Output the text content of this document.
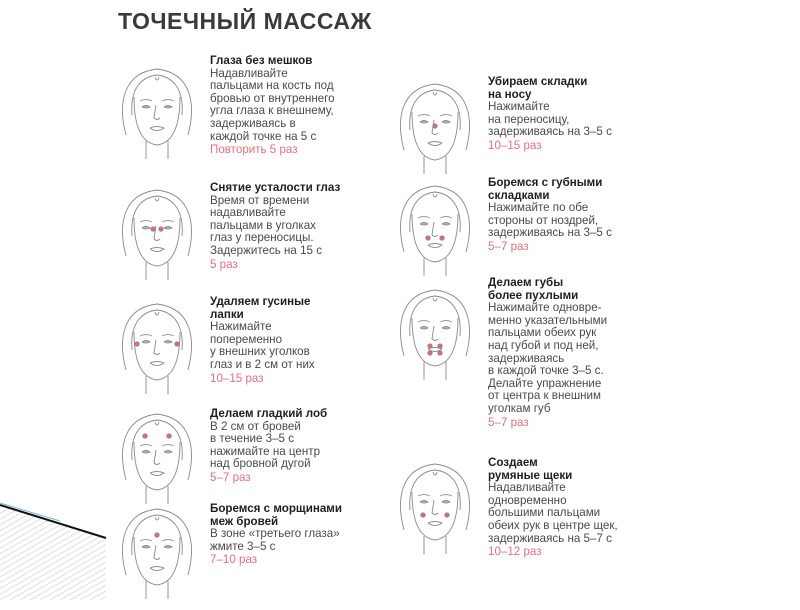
ТОЧЕЧНЫЙ МАССАЖ
Глаза без мешков
Надавливайте
пальцами на кость под
бровью от внутреннего
угла глаза к внешнему,
задерживаясь в
каждой точке на 5 с
Повторить 5 раз
Снятие усталости глаз
Время от времени
надавливайте
пальцами в уголках
глаз у переносицы.
Задержитесь на 15 с
5 раз
Удаляем гусиные
лапки
Нажимайте
попеременно
у внешних уголков
глаз и в 2 см от них
10–15 раз
Делаем гладкий лоб
В 2 см от бровей
в течение 3–5 с
нажимайте на центр
над бровной дугой
5–7 раз
Боремся с морщинами
меж бровей
В зоне «третьего глаза»
жмите 3–5 с
7–10 раз
Убираем складки
на носу
Нажимайте
на переносицу,
задерживаясь на 3–5 с
10–15 раз
Боремся с губными
складками
Нажимайте по обе
стороны от ноздрей,
задерживаясь на 3–5 с
5–7 раз
Делаем губы
более пухлыми
Нажимайте одновре-
менно указательными
пальцами обеих рук
над губой и под ней,
задерживаясь
в каждой точке 3–5 с.
Делайте упражнение
от центра к внешним
уголкам губ
5–7 раз
Создаем
румяные щеки
Надавливайте
одновременно
большими пальцами
обеих рук в центре щек,
задерживаясь на 5–7 с
10–12 раз
